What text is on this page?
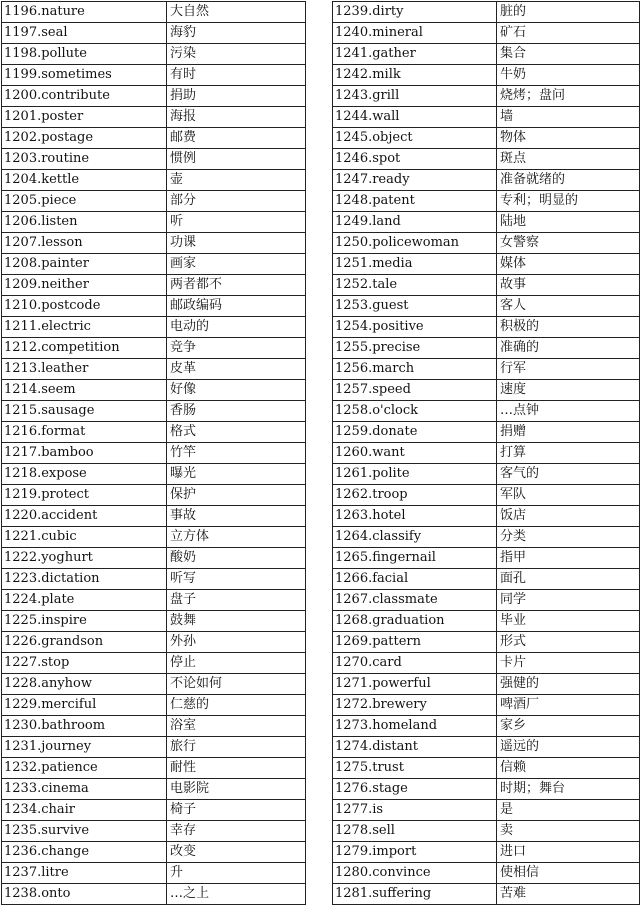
1196.nature	大自然
1197.seal	海豹
1198.pollute	污染
1199.sometimes	有时
1200.contribute	捐助
1201.poster	海报
1202.postage	邮费
1203.routine	惯例
1204.kettle	壶
1205.piece	部分
1206.listen	听
1207.lesson	功课
1208.painter	画家
1209.neither	两者都不
1210.postcode	邮政编码
1211.electric	电动的
1212.competition	竞争
1213.leather	皮革
1214.seem	好像
1215.sausage	香肠
1216.format	格式
1217.bamboo	竹竿
1218.expose	曝光
1219.protect	保护
1220.accident	事故
1221.cubic	立方体
1222.yoghurt	酸奶
1223.dictation	听写
1224.plate	盘子
1225.inspire	鼓舞
1226.grandson	外孙
1227.stop	停止
1228.anyhow	不论如何
1229.merciful	仁慈的
1230.bathroom	浴室
1231.journey	旅行
1232.patience	耐性
1233.cinema	电影院
1234.chair	椅子
1235.survive	幸存
1236.change	改变
1237.litre	升
1238.onto	…之上
1239.dirty	脏的
1240.mineral	矿石
1241.gather	集合
1242.milk	牛奶
1243.grill	烧烤；盘问
1244.wall	墙
1245.object	物体
1246.spot	斑点
1247.ready	准备就绪的
1248.patent	专利；明显的
1249.land	陆地
1250.policewoman	女警察
1251.media	媒体
1252.tale	故事
1253.guest	客人
1254.positive	积极的
1255.precise	准确的
1256.march	行军
1257.speed	速度
1258.o'clock	…点钟
1259.donate	捐赠
1260.want	打算
1261.polite	客气的
1262.troop	军队
1263.hotel	饭店
1264.classify	分类
1265.fingernail	指甲
1266.facial	面孔
1267.classmate	同学
1268.graduation	毕业
1269.pattern	形式
1270.card	卡片
1271.powerful	强健的
1272.brewery	啤酒厂
1273.homeland	家乡
1274.distant	遥远的
1275.trust	信赖
1276.stage	时期；舞台
1277.is	是
1278.sell	卖
1279.import	进口
1280.convince	使相信
1281.suffering	苦难
